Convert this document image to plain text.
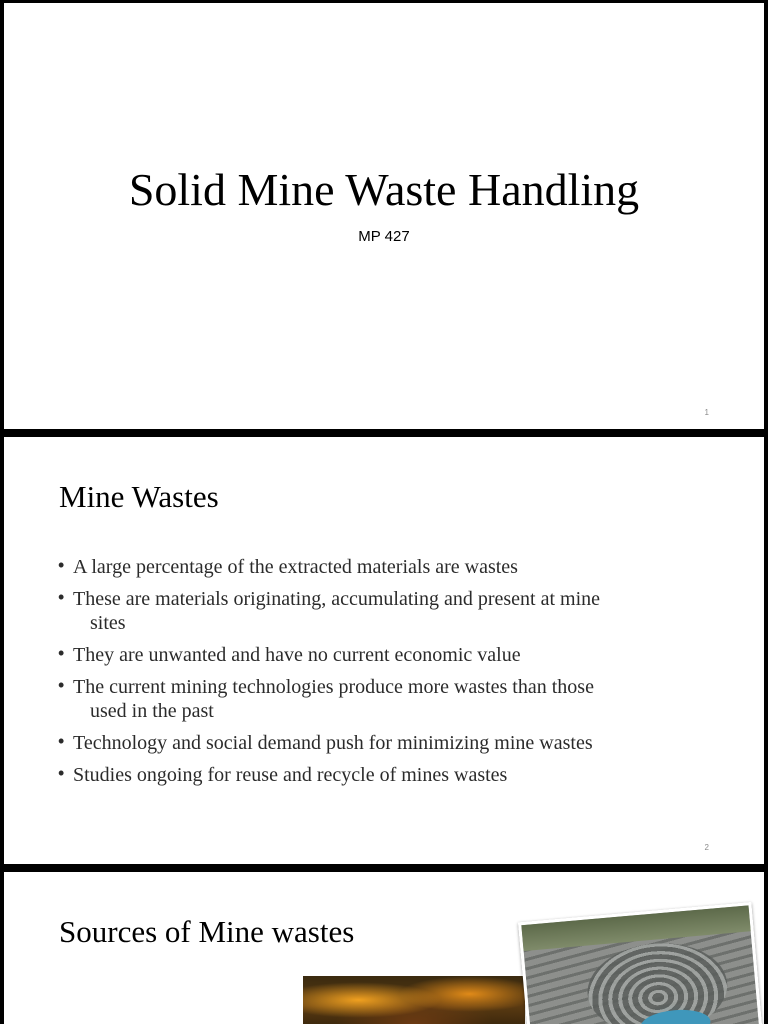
Solid Mine Waste Handling
MP 427
1
Mine Wastes
• A large percentage of the extracted materials are wastes
• These are materials originating, accumulating and present at mine
sites
• They are unwanted and have no current economic value
• The current mining technologies produce more wastes than those
used in the past
• Technology and social demand push for minimizing mine wastes
• Studies ongoing for reuse and recycle of mines wastes
2
Sources of Mine wastes
